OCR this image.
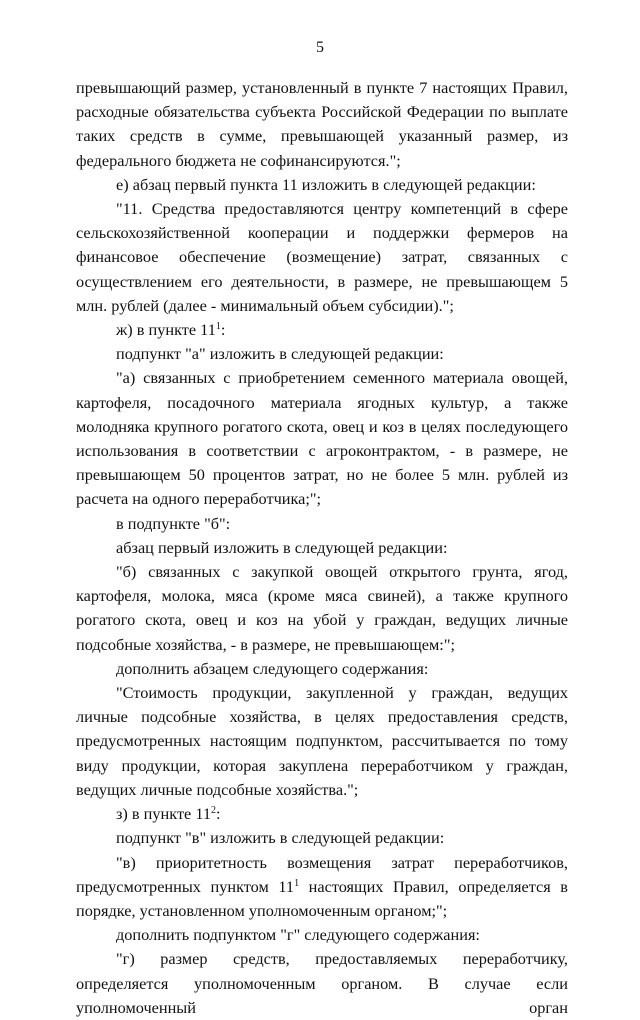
5

превышающий размер, установленный в пункте 7 настоящих Правил, расходные обязательства субъекта Российской Федерации по выплате таких средств в сумме, превышающей указанный размер, из федерального бюджета не софинансируются.";

е) абзац первый пункта 11 изложить в следующей редакции:

"11. Средства предоставляются центру компетенций в сфере сельскохозяйственной кооперации и поддержки фермеров на финансовое обеспечение (возмещение) затрат, связанных с осуществлением его деятельности, в размере, не превышающем 5 млн. рублей (далее - минимальный объем субсидии).";

ж) в пункте $11^1$:

подпункт "а" изложить в следующей редакции:

"а) связанных с приобретением семенного материала овощей, картофеля, посадочного материала ягодных культур, а также молодняка крупного рогатого скота, овец и коз в целях последующего использования в соответствии с агроконтрактом, - в размере, не превышающем 50 процентов затрат, но не более 5 млн. рублей из расчета на одного переработчика;";

в подпункте "б":

абзац первый изложить в следующей редакции:

"б) связанных с закупкой овощей открытого грунта, ягод, картофеля, молока, мяса (кроме мяса свиней), а также крупного рогатого скота, овец и коз на убой у граждан, ведущих личные подсобные хозяйства, - в размере, не превышающем:";

дополнить абзацем следующего содержания:

"Стоимость продукции, закупленной у граждан, ведущих личные подсобные хозяйства, в целях предоставления средств, предусмотренных настоящим подпунктом, рассчитывается по тому виду продукции, которая закуплена переработчиком у граждан, ведущих личные подсобные хозяйства.";

з) в пункте $11^2$:

подпункт "в" изложить в следующей редакции:

"в) приоритетность возмещения затрат переработчиков, предусмотренных пунктом $11^1$ настоящих Правил, определяется в порядке, установленном уполномоченным органом;";

дополнить подпунктом "г" следующего содержания:

"г) размер средств, предоставляемых переработчику, определяется уполномоченным органом. В случае если уполномоченный орган
